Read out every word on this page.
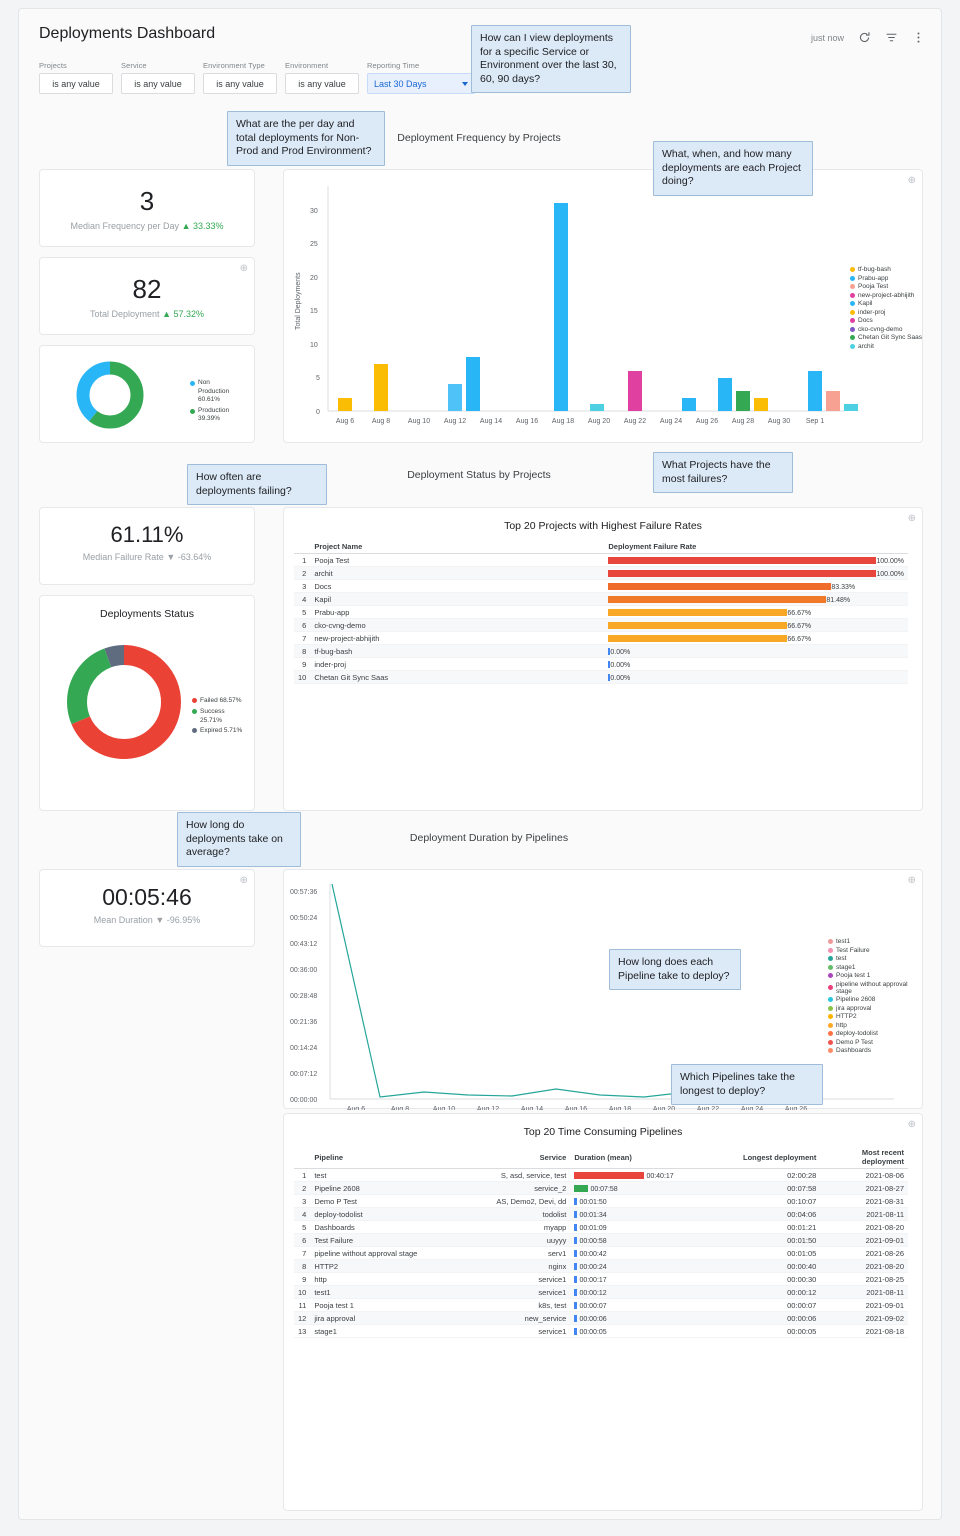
Deployments Dashboard	just now
Projects
is any value
Service
is any value
Environment Type
is any value
Environment
is any value
Reporting Time
Last 30 Days
Deployment Frequency by Projects
3
Median Frequency per Day ▲ 33.33%
⊕
82
Total Deployment ▲ 57.32%
Non
Production
60.61%
Production
39.39%
⊕
Total Deployments
30
25
20
15
10
5
0
Aug 6	Aug 8	Aug 10 Aug 12 Aug 14 Aug 16 Aug 18 Aug 20 Aug 22 Aug 24 Aug 26 Aug 28 Aug 30 Sep 1
tf-bug-bash
Prabu-app
Pooja Test
new-project-abhijith
Kapil
inder-proj
Docs
cko-cvng-demo
Chetan Git Sync Saas
archit
Deployment Status by Projects
61.11%
Median Failure Rate ▼ -63.64%
Deployments Status
Failed 68.57%
Success
25.71%
Expired 5.71%
⊕
Top 20 Projects with Highest Failure Rates
	Project Name	Deployment Failure Rate
1	Pooja Test	100.00%
2	archit	100.00%
3	Docs	83.33%
4	Kapil	81.48%
5	Prabu-app	66.67%
6	cko-cvng-demo	66.67%
7	new-project-abhijith	66.67%
8	tf-bug-bash	0.00%
9	inder-proj	0.00%
10	Chetan Git Sync Saas	0.00%
Deployment Duration by Pipelines
⊕
00:05:46
Mean Duration ▼ -96.95%
⊕
00:57:36
00:50:24
00:43:12
00:36:00
00:28:48
00:21:36
00:14:24
00:07:12
00:00:00
Aug 6	Aug 8	Aug 10	Aug 12	Aug 14	Aug 16	Aug 18	Aug 20	Aug 22	Aug 24	Aug 26
test1
Test Failure
test
stage1
Pooja test 1
pipeline without approval stage
Pipeline 2608
jira approval
HTTP2
http
deploy-todolist
Demo P Test
Dashboards
⊕
Top 20 Time Consuming Pipelines
	Pipeline	Service	Duration (mean)	Longest deployment	Most recent deployment
1	test	S, asd, service, test	00:40:17	02:00:28	2021-08-06
2	Pipeline 2608	service_2	00:07:58	00:07:58	2021-08-27
3	Demo P Test	AS, Demo2, Devi, dd	00:01:50	00:10:07	2021-08-31
4	deploy-todolist	todolist	00:01:34	00:04:06	2021-08-11
5	Dashboards	myapp	00:01:09	00:01:21	2021-08-20
6	Test Failure	uuyyy	00:00:58	00:01:50	2021-09-01
7	pipeline without approval stage	serv1	00:00:42	00:01:05	2021-08-26
8	HTTP2	nginx	00:00:24	00:00:40	2021-08-20
9	http	service1	00:00:17	00:00:30	2021-08-25
10	test1	service1	00:00:12	00:00:12	2021-08-11
11	Pooja test 1	k8s, test	00:00:07	00:00:07	2021-09-01
12	jira approval	new_service	00:00:06	00:00:06	2021-09-02
13	stage1	service1	00:00:05	00:00:05	2021-08-18
How can I view deployments for a specific Service or Environment over the last 30, 60, 90 days?
What are the per day and total deployments for Non-Prod and Prod Environment?	What, when, and how many deployments are each Project doing?
How often are deployments failing?
What Projects have the most failures?
How long do deployments take on average?
How long does each Pipeline take to deploy?
Which Pipelines take the longest to deploy?
